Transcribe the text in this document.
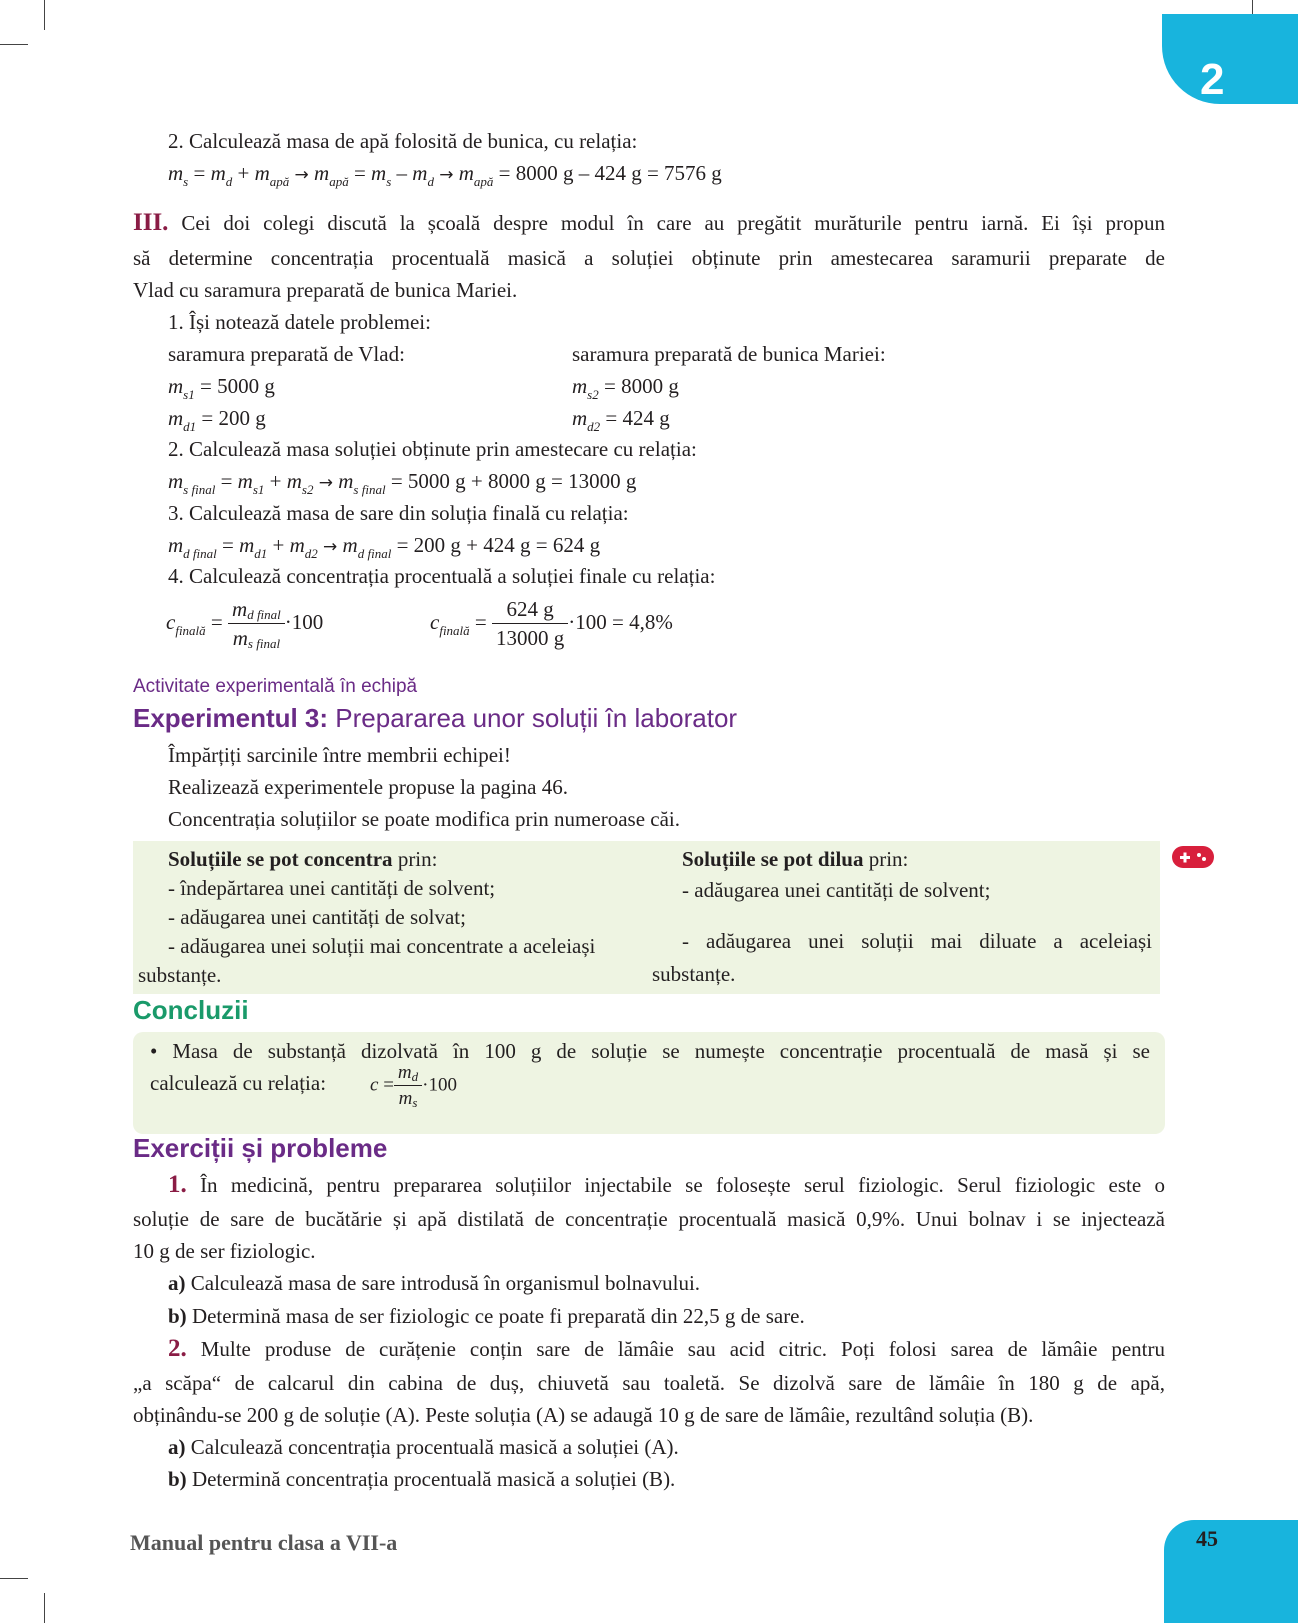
2
45
2. Calculează masa de apă folosită de bunica, cu relația:
$m_s = m_d + m_{apă} \to m_{apă} = m_s - m_d \to m_{apă} = 8000$ g – 424 g = 7576 g
III. Cei doi colegi discută la școală despre modul în care au pregătit murăturile pentru iarnă. Ei își propun
să determine concentrația procentuală masică a soluției obținute prin amestecarea saramurii preparate de
Vlad cu saramura preparată de bunica Mariei.
1. Își notează datele problemei:
saramura preparată de Vlad:	saramura preparată de bunica Mariei:
$m_{s1} = 5000$ g	$m_{s2} = 8000$ g
$m_{d1} = 200$ g	$m_{d2} = 424$ g
2. Calculează masa soluției obținute prin amestecare cu relația:
$m_{s final} = m_{s1} + m_{s2} \to m_{s final} = 5000$ g + 8000 g = 13000 g
3. Calculează masa de sare din soluția finală cu relația:
$m_{d final} = m_{d1} + m_{d2} \to m_{d final} = 200$ g + 424 g = 624 g
4. Calculează concentrația procentuală a soluției finale cu relația:
$c_{finală} = \frac{\text{md final}}{\text{ms final}} \cdot 100$	$c_{finală} = \frac{624 g}{13000 g} \cdot 100 = 4,8\%$
Activitate experimentală în echipă
Experimentul 3: Prepararea unor soluții în laborator
Împărțiți sarcinile între membrii echipei!
Realizează experimentele propuse la pagina 46.
Concentrația soluțiilor se poate modifica prin numeroase căi.
Soluțiile se pot concentra prin:
- îndepărtarea unei cantități de solvent;
- adăugarea unei cantități de solvat;
- adăugarea unei soluții mai concentrate a aceleiași
substanțe.
Soluțiile se pot dilua prin:
- adăugarea unei cantități de solvent;
- adăugarea unei soluții mai diluate a aceleiași
substanțe.
Concluzii
• Masa de substanță dizolvată în 100 g de soluție se numește concentrație procentuală de masă și se
calculează cu relația: $c = \frac{md}{ms} \cdot 100$
Exerciții și probleme
1. În medicină, pentru prepararea soluțiilor injectabile se folosește serul fiziologic. Serul fiziologic este o
soluție de sare de bucătărie și apă distilată de concentrație procentuală masică 0,9%. Unui bolnav i se injectează
10 g de ser fiziologic.
a) Calculează masa de sare introdusă în organismul bolnavului.
b) Determină masa de ser fiziologic ce poate fi preparată din 22,5 g de sare.
2. Multe produse de curățenie conțin sare de lămâie sau acid citric. Poți folosi sarea de lămâie pentru
„a scăpa“ de calcarul din cabina de duș, chiuvetă sau toaletă. Se dizolvă sare de lămâie în 180 g de apă,
obținându-se 200 g de soluție (A). Peste soluția (A) se adaugă 10 g de sare de lămâie, rezultând soluția (B).
a) Calculează concentrația procentuală masică a soluției (A).
b) Determină concentrația procentuală masică a soluției (B).
Manual pentru clasa a VII-a
